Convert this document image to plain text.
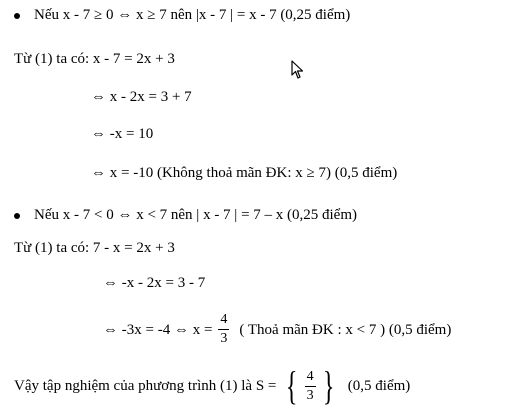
Nếu x - 7 ≥ 0 ⇔ x ≥ 7 nên |x - 7 | = x - 7 (0,25 điểm)
Từ (1) ta có: x - 7 = 2x + 3
⇔ x - 2x = 3 + 7
⇔ -x = 10
⇔ x = -10 (Không thoả mãn ĐK: x ≥ 7) (0,5 điểm)
Nếu x - 7 < 0 ⇔ x < 7 nên | x - 7 | = 7 – x (0,25 điểm)
Từ (1) ta có: 7 - x = 2x + 3
⇔ -x - 2x = 3 - 7
⇔ -3x = -4 ⇔ $x = \frac{4}{3}$ ( Thoả mãn ĐK : x < 7 ) (0,5 điểm)
Vậy tập nghiệm của phương trình (1) là S = { $\frac{4}{3}$ } (0,5 điểm)
